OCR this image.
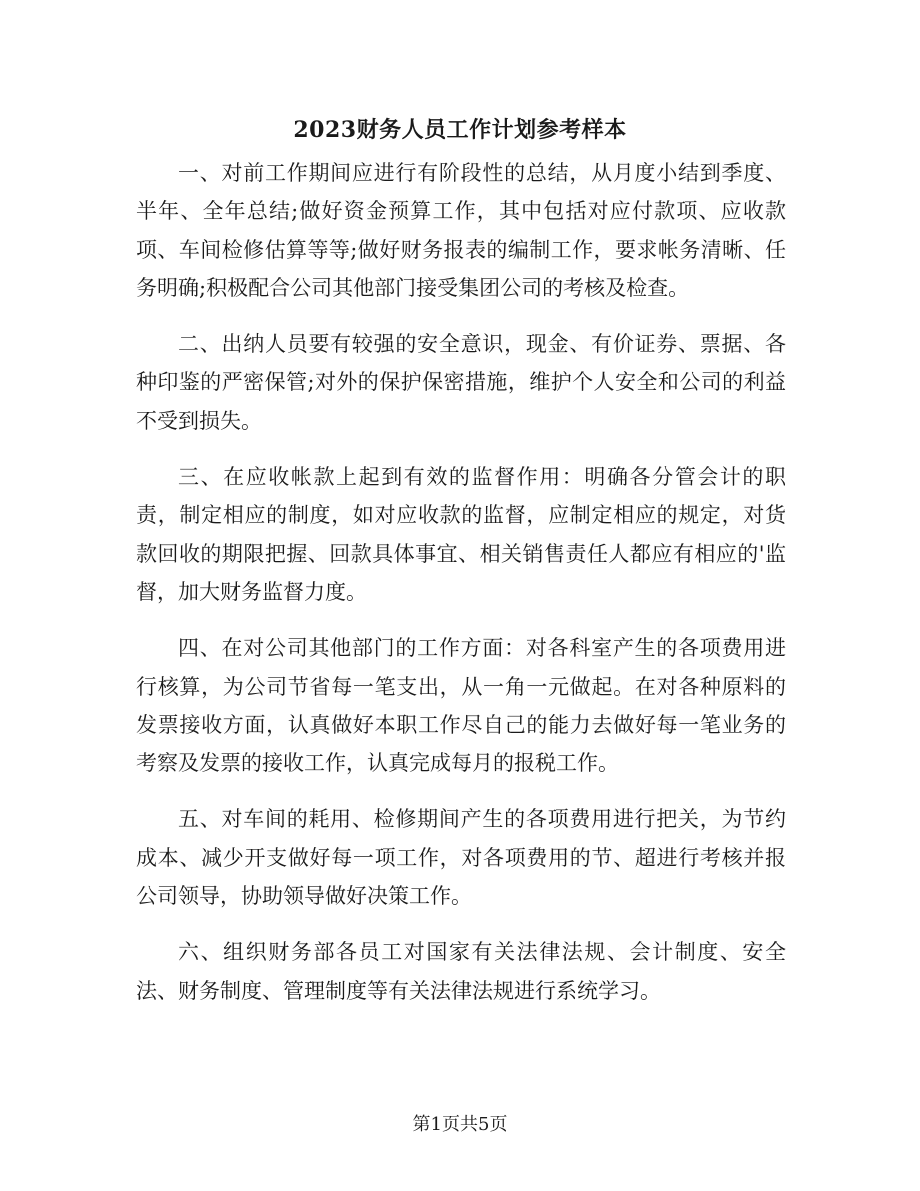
2023财务人员工作计划参考样本

一、对前工作期间应进行有阶段性的总结，从月度小结到季度、半年、全年总结;做好资金预算工作，其中包括对应付款项、应收款项、车间检修估算等等;做好财务报表的编制工作，要求帐务清晰、任务明确;积极配合公司其他部门接受集团公司的考核及检查。

二、出纳人员要有较强的安全意识，现金、有价证券、票据、各种印鉴的严密保管;对外的保护保密措施，维护个人安全和公司的利益不受到损失。

三、在应收帐款上起到有效的监督作用：明确各分管会计的职责，制定相应的制度，如对应收款的监督，应制定相应的规定，对货款回收的期限把握、回款具体事宜、相关销售责任人都应有相应的'监督，加大财务监督力度。

四、在对公司其他部门的工作方面：对各科室产生的各项费用进行核算，为公司节省每一笔支出，从一角一元做起。在对各种原料的发票接收方面，认真做好本职工作尽自己的能力去做好每一笔业务的考察及发票的接收工作，认真完成每月的报税工作。

五、对车间的耗用、检修期间产生的各项费用进行把关，为节约成本、减少开支做好每一项工作，对各项费用的节、超进行考核并报公司领导，协助领导做好决策工作。

六、组织财务部各员工对国家有关法律法规、会计制度、安全法、财务制度、管理制度等有关法律法规进行系统学习。

第1页共5页
